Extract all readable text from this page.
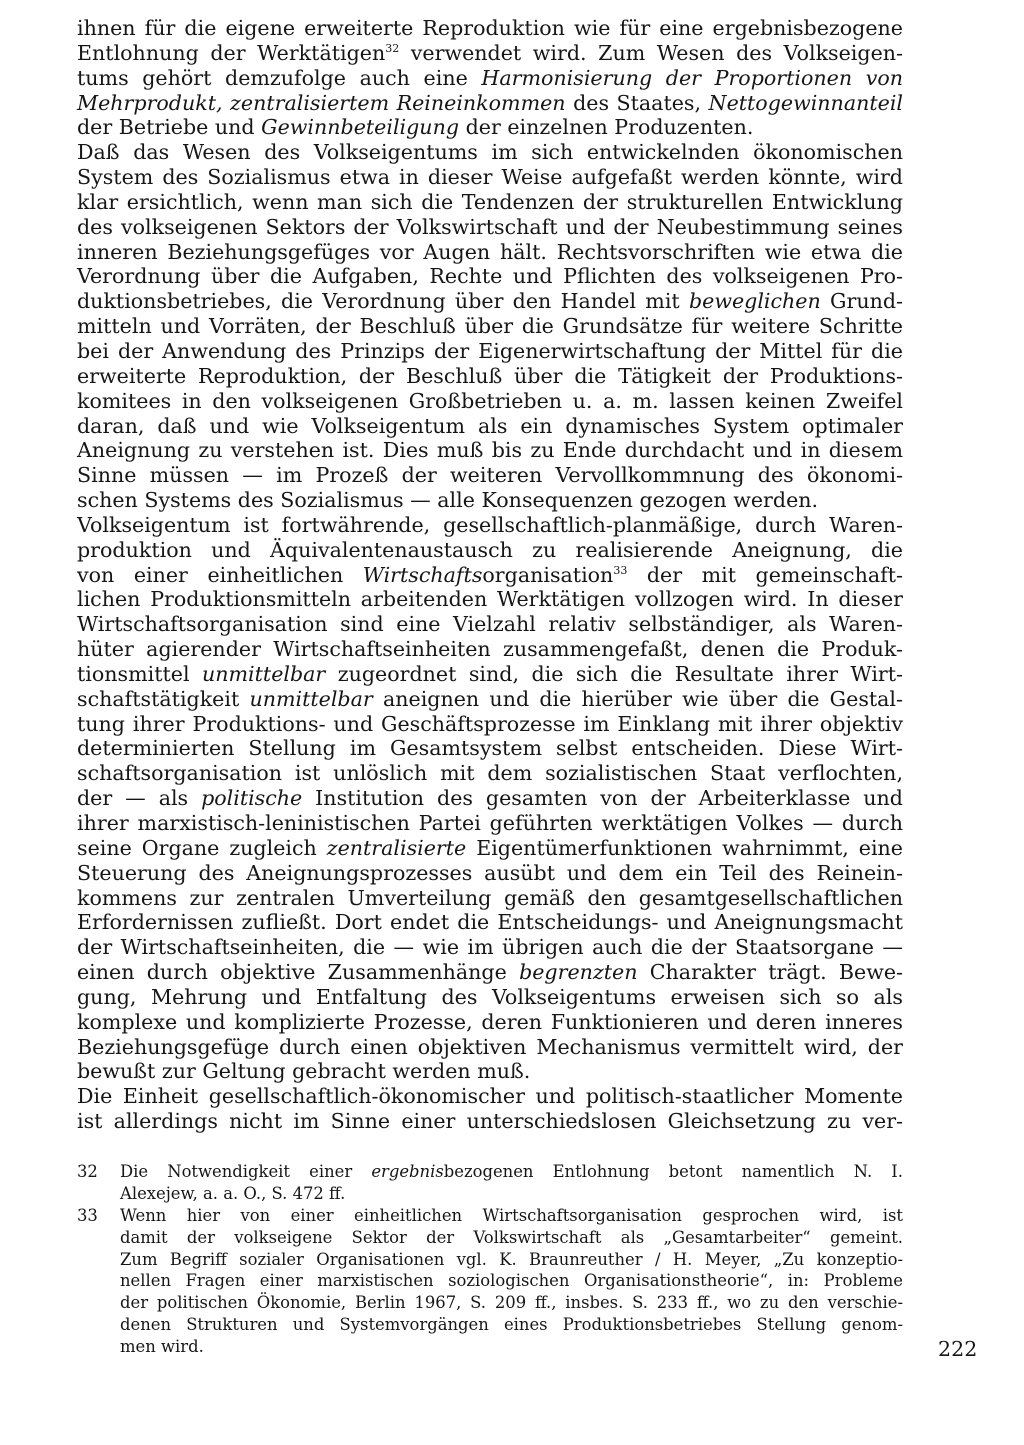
ihnen für die eigene erweiterte Reproduktion wie für eine ergebnisbezogene
Entlohnung der Werktätigen$^{32}$ verwendet wird. Zum Wesen des Volkseigen-
tums gehört demzufolge auch eine Harmonisierung der Proportionen von
Mehrprodukt, zentralisiertem Reineinkommen des Staates, Nettogewinnanteil
der Betriebe und Gewinnbeteiligung der einzelnen Produzenten.
Daß das Wesen des Volkseigentums im sich entwickelnden ökonomischen
System des Sozialismus etwa in dieser Weise aufgefaßt werden könnte, wird
klar ersichtlich, wenn man sich die Tendenzen der strukturellen Entwicklung
des volkseigenen Sektors der Volkswirtschaft und der Neubestimmung seines
inneren Beziehungsgefüges vor Augen hält. Rechtsvorschriften wie etwa die
Verordnung über die Aufgaben, Rechte und Pflichten des volkseigenen Pro-
duktionsbetriebes, die Verordnung über den Handel mit beweglichen Grund-
mitteln und Vorräten, der Beschluß über die Grundsätze für weitere Schritte
bei der Anwendung des Prinzips der Eigenerwirtschaftung der Mittel für die
erweiterte Reproduktion, der Beschluß über die Tätigkeit der Produktions-
komitees in den volkseigenen Großbetrieben u. a. m. lassen keinen Zweifel
daran, daß und wie Volkseigentum als ein dynamisches System optimaler
Aneignung zu verstehen ist. Dies muß bis zu Ende durchdacht und in diesem
Sinne müssen — im Prozeß der weiteren Vervollkommnung des ökonomi-
schen Systems des Sozialismus — alle Konsequenzen gezogen werden.
Volkseigentum ist fortwährende, gesellschaftlich-planmäßige, durch Waren-
produktion und Äquivalentenaustausch zu realisierende Aneignung, die
von einer einheitlichen Wirtschaftsorganisation$^{33}$ der mit gemeinschaft-
lichen Produktionsmitteln arbeitenden Werktätigen vollzogen wird. In dieser
Wirtschaftsorganisation sind eine Vielzahl relativ selbständiger, als Waren-
hüter agierender Wirtschaftseinheiten zusammengefaßt, denen die Produk-
tionsmittel unmittelbar zugeordnet sind, die sich die Resultate ihrer Wirt-
schaftstätigkeit unmittelbar aneignen und die hierüber wie über die Gestal-
tung ihrer Produktions- und Geschäftsprozesse im Einklang mit ihrer objektiv
determinierten Stellung im Gesamtsystem selbst entscheiden. Diese Wirt-
schaftsorganisation ist unlöslich mit dem sozialistischen Staat verflochten,
der — als politische Institution des gesamten von der Arbeiterklasse und
ihrer marxistisch-leninistischen Partei geführten werktätigen Volkes — durch
seine Organe zugleich zentralisierte Eigentümerfunktionen wahrnimmt, eine
Steuerung des Aneignungsprozesses ausübt und dem ein Teil des Reinein-
kommens zur zentralen Umverteilung gemäß den gesamtgesellschaftlichen
Erfordernissen zufließt. Dort endet die Entscheidungs- und Aneignungsmacht
der Wirtschaftseinheiten, die — wie im übrigen auch die der Staatsorgane —
einen durch objektive Zusammenhänge begrenzten Charakter trägt. Bewe-
gung, Mehrung und Entfaltung des Volkseigentums erweisen sich so als
komplexe und komplizierte Prozesse, deren Funktionieren und deren inneres
Beziehungsgefüge durch einen objektiven Mechanismus vermittelt wird, der
bewußt zur Geltung gebracht werden muß.
Die Einheit gesellschaftlich-ökonomischer und politisch-staatlicher Momente
ist allerdings nicht im Sinne einer unterschiedslosen Gleichsetzung zu ver-
32 Die Notwendigkeit einer ergebnisbezogenen Entlohnung betont namentlich N. I.
Alexejew, a. a. O., S. 472 ff.
33 Wenn hier von einer einheitlichen Wirtschaftsorganisation gesprochen wird, ist
damit der volkseigene Sektor der Volkswirtschaft als „Gesamtarbeiter“ gemeint.
Zum Begriff sozialer Organisationen vgl. K. Braunreuther / H. Meyer, „Zu konzeptio-
nellen Fragen einer marxistischen soziologischen Organisationstheorie“, in: Probleme
der politischen Ökonomie, Berlin 1967, S. 209 ff., insbes. S. 233 ff., wo zu den verschie-
denen Strukturen und Systemvorgängen eines Produktionsbetriebes Stellung genom-
men wird.	222
